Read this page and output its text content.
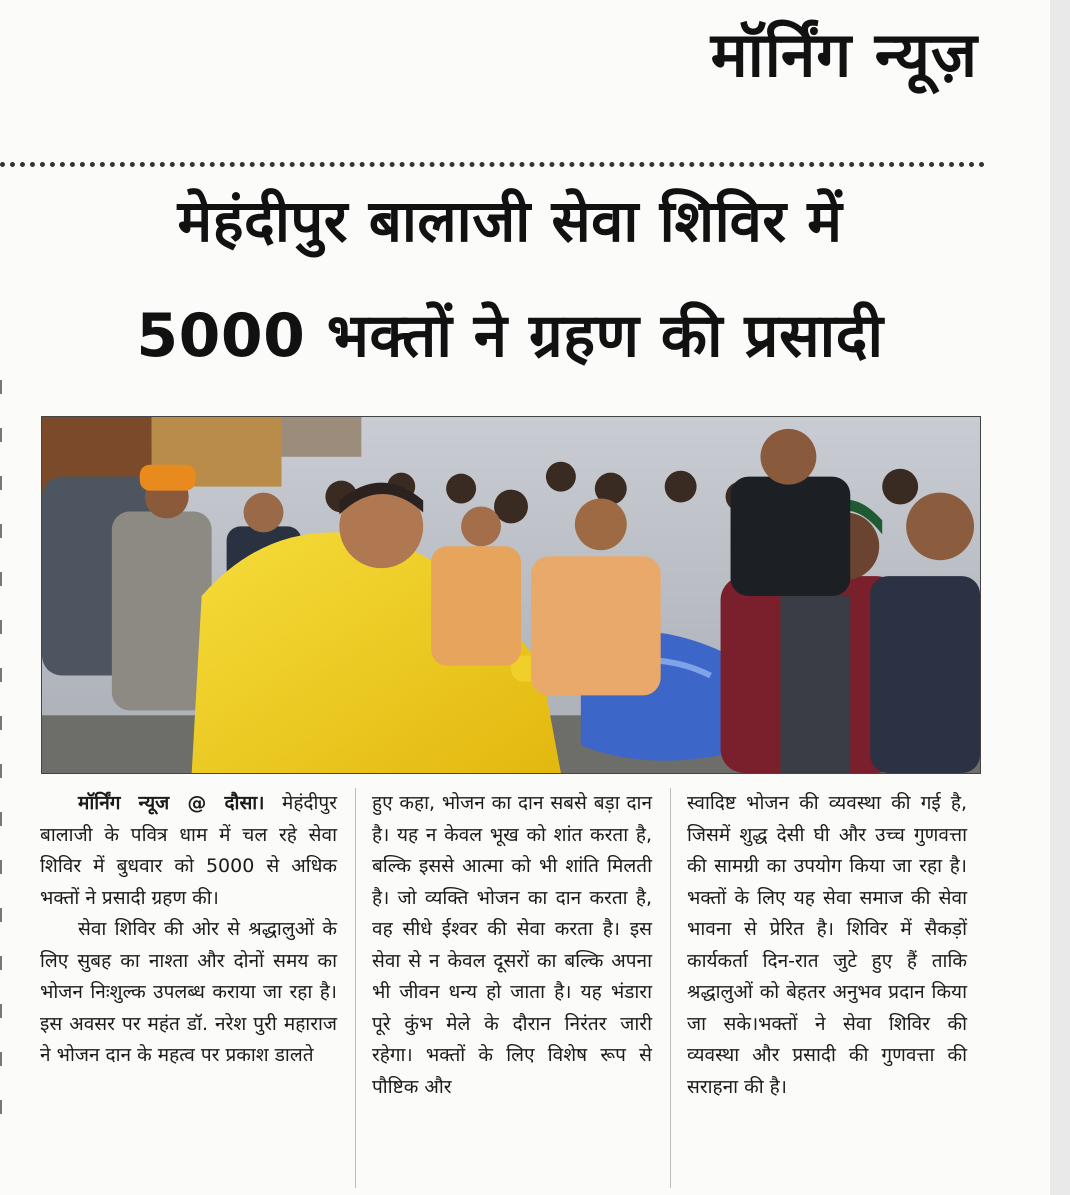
मॉर्निंग न्यूज़
मेहंदीपुर बालाजी सेवा शिविर में
5000 भक्तों ने ग्रहण की प्रसादी

मॉर्निंग न्यूज @ दौसा। मेहंदीपुर बालाजी के पवित्र धाम में चल रहे सेवा शिविर में बुधवार को 5000 से अधिक भक्तों ने प्रसादी ग्रहण की।

सेवा शिविर की ओर से श्रद्धालुओं के लिए सुबह का नाश्ता और दोनों समय का भोजन निःशुल्क उपलब्ध कराया जा रहा है। इस अवसर पर महंत डॉ. नरेश पुरी महाराज ने भोजन दान के महत्व पर प्रकाश डालते

हुए कहा, भोजन का दान सबसे बड़ा दान है। यह न केवल भूख को शांत करता है, बल्कि इससे आत्मा को भी शांति मिलती है। जो व्यक्ति भोजन का दान करता है, वह सीधे ईश्वर की सेवा करता है। इस सेवा से न केवल दूसरों का बल्कि अपना भी जीवन धन्य हो जाता है। यह भंडारा पूरे कुंभ मेले के दौरान निरंतर जारी रहेगा। भक्तों के लिए विशेष रूप से पौष्टिक और

स्वादिष्ट भोजन की व्यवस्था की गई है, जिसमें शुद्ध देसी घी और उच्च गुणवत्ता की सामग्री का उपयोग किया जा रहा है। भक्तों के लिए यह सेवा समाज की सेवा भावना से प्रेरित है। शिविर में सैकड़ों कार्यकर्ता दिन-रात जुटे हुए हैं ताकि श्रद्धालुओं को बेहतर अनुभव प्रदान किया जा सके।भक्तों ने सेवा शिविर की व्यवस्था और प्रसादी की गुणवत्ता की सराहना की है।
